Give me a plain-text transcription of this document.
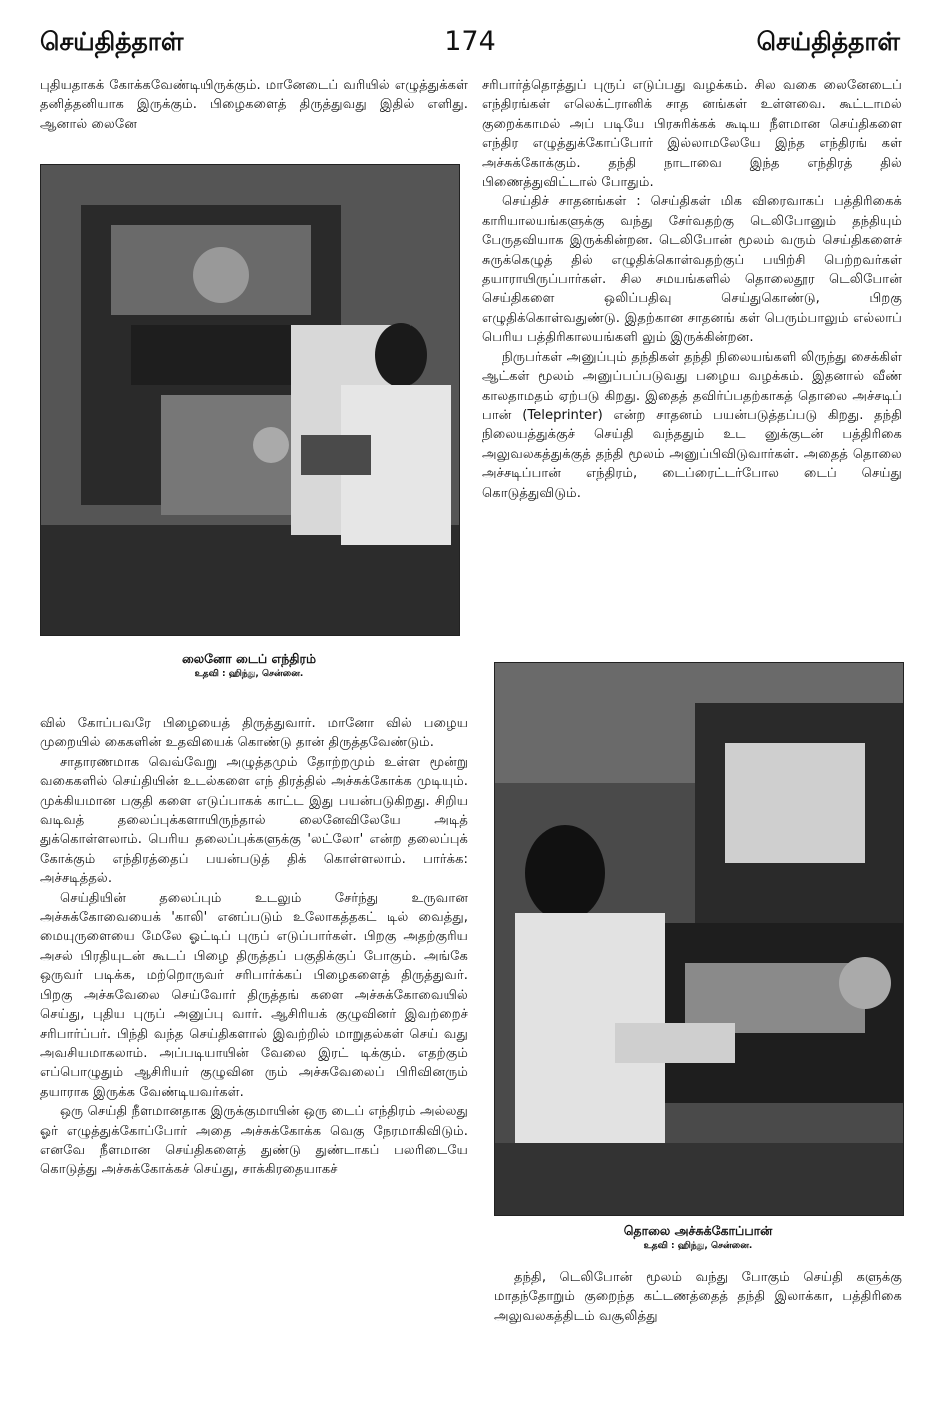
செய்தித்தாள்	174	செய்தித்தாள்

புதியதாகக் கோக்கவேண்டியிருக்கும். மானேடைப் வரியில் எழுத்துக்கள் தனித்தனியாக இருக்கும். பிழைகளைத் திருத்துவது இதில் எளிது. ஆனால் லைனே

லைனோ டைப் எந்திரம்
உதவி : ஹிந்து, சென்னை.

வில் கோப்பவரே பிழையைத் திருத்துவார். மானோ வில் பழைய முறையில் கைகளின் உதவியைக் கொண்டு தான் திருத்தவேண்டும்.

சாதாரணமாக வெவ்வேறு அழுத்தமும் தோற்றமும் உள்ள மூன்று வகைகளில் செய்தியின் உடல்களை எந் திரத்தில் அச்சுக்கோக்க முடியும். முக்கியமான பகுதி களை எடுப்பாகக் காட்ட இது பயன்படுகிறது. சிறிய வடிவத் தலைப்புக்களாயிருந்தால் லைனேவிலேயே அடித் துக்கொள்ளலாம். பெரிய தலைப்புக்களுக்கு 'லட்லோ' என்ற தலைப்புக் கோக்கும் எந்திரத்தைப் பயன்படுத் திக் கொள்ளலாம். பார்க்க: அச்சடித்தல்.

செய்தியின் தலைப்பும் உடலும் சேர்ந்து உருவான அச்சுக்கோவையைக் 'காலி' எனப்படும் உலோகத்தகட் டில் வைத்து, மையுருளையை மேலே ஓட்டிப் புருப் எடுப்பார்கள். பிறகு அதற்குரிய அசல் பிரதியுடன் கூடப் பிழை திருத்தப் பகுதிக்குப் போகும். அங்கே ஒருவர் படிக்க, மற்றொருவர் சரிபார்க்கப் பிழைகளைத் திருத்துவர். பிறகு அச்சுவேலை செய்வோர் திருத்தங் களை அச்சுக்கோவையில் செய்து, புதிய புருப் அனுப்பு வார். ஆசிரியக் குழுவினர் இவற்றைச் சரிபார்ப்பர். பிந்தி வந்த செய்திகளால் இவற்றில் மாறுதல்கள் செய் வது அவசியமாகலாம். அப்படியாயின் வேலை இரட் டிக்கும். எதற்கும் எப்பொழுதும் ஆசிரியர் குழுவின ரும் அச்சுவேலைப் பிரிவினரும் தயாராக இருக்க வேண்டியவர்கள்.

ஒரு செய்தி நீளமானதாக இருக்குமாயின் ஒரு டைப் எந்திரம் அல்லது ஓர் எழுத்துக்கோப்போர் அதை அச்சுக்கோக்க வெகு நேரமாகிவிடும். எனவே நீளமான செய்திகளைத் துண்டு துண்டாகப் பலரிடையே கொடுத்து அச்சுக்கோக்கச் செய்து, சாக்கிரதையாகச்

சரிபார்த்தொத்துப் புருப் எடுப்பது வழக்கம். சில வகை லைனேடைப் எந்திரங்கள் எலெக்ட்ரானிக் சாத னங்கள் உள்ளவை. கூட்டாமல் குறைக்காமல் அப் படியே பிரசுரிக்கக் கூடிய நீளமான செய்திகளை எந்திர எழுத்துக்கோப்போர் இல்லாமலேயே இந்த எந்திரங் கள் அச்சுக்கோக்கும். தந்தி நாடாவை இந்த எந்திரத் தில் பிணைத்துவிட்டால் போதும்.

செய்திச் சாதனங்கள் : செய்திகள் மிக விரைவாகப் பத்திரிகைக் காரியாலயங்களுக்கு வந்து சேர்வதற்கு டெலிபோனும் தந்தியும் பேருதவியாக இருக்கின்றன. டெலிபோன் மூலம் வரும் செய்திகளைச் சுருக்கெழுத் தில் எழுதிக்கொள்வதற்குப் பயிற்சி பெற்றவர்கள் தயாராயிருப்பார்கள். சில சமயங்களில் தொலைதூர டெலிபோன் செய்திகளை ஒலிப்பதிவு செய்துகொண்டு, பிறகு எழுதிக்கொள்வதுண்டு. இதற்கான சாதனங் கள் பெரும்பாலும் எல்லாப் பெரிய பத்திரிகாலயங்களி லும் இருக்கின்றன.

நிருபர்கள் அனுப்பும் தந்திகள் தந்தி நிலையங்களி லிருந்து சைக்கிள் ஆட்கள் மூலம் அனுப்பப்படுவது பழைய வழக்கம். இதனால் வீண் காலதாமதம் ஏற்படு கிறது. இதைத் தவிர்ப்பதற்காகத் தொலை அச்சடிப் பான் (Teleprinter) என்ற சாதனம் பயன்படுத்தப்படு கிறது. தந்தி நிலையத்துக்குச் செய்தி வந்ததும் உட னுக்குடன் பத்திரிகை அலுவலகத்துக்குத் தந்தி மூலம் அனுப்பிவிடுவார்கள். அதைத் தொலை அச்சடிப்பான் எந்திரம், டைப்ரைட்டர்போல டைப் செய்து கொடுத்துவிடும்.

தொலை அச்சுக்கோப்பான்
உதவி : ஹிந்து, சென்னை.

தந்தி, டெலிபோன் மூலம் வந்து போகும் செய்தி களுக்கு மாதந்தோறும் குறைந்த கட்டணத்தைத் தந்தி இலாக்கா, பத்திரிகை அலுவலகத்திடம் வசூலித்து
